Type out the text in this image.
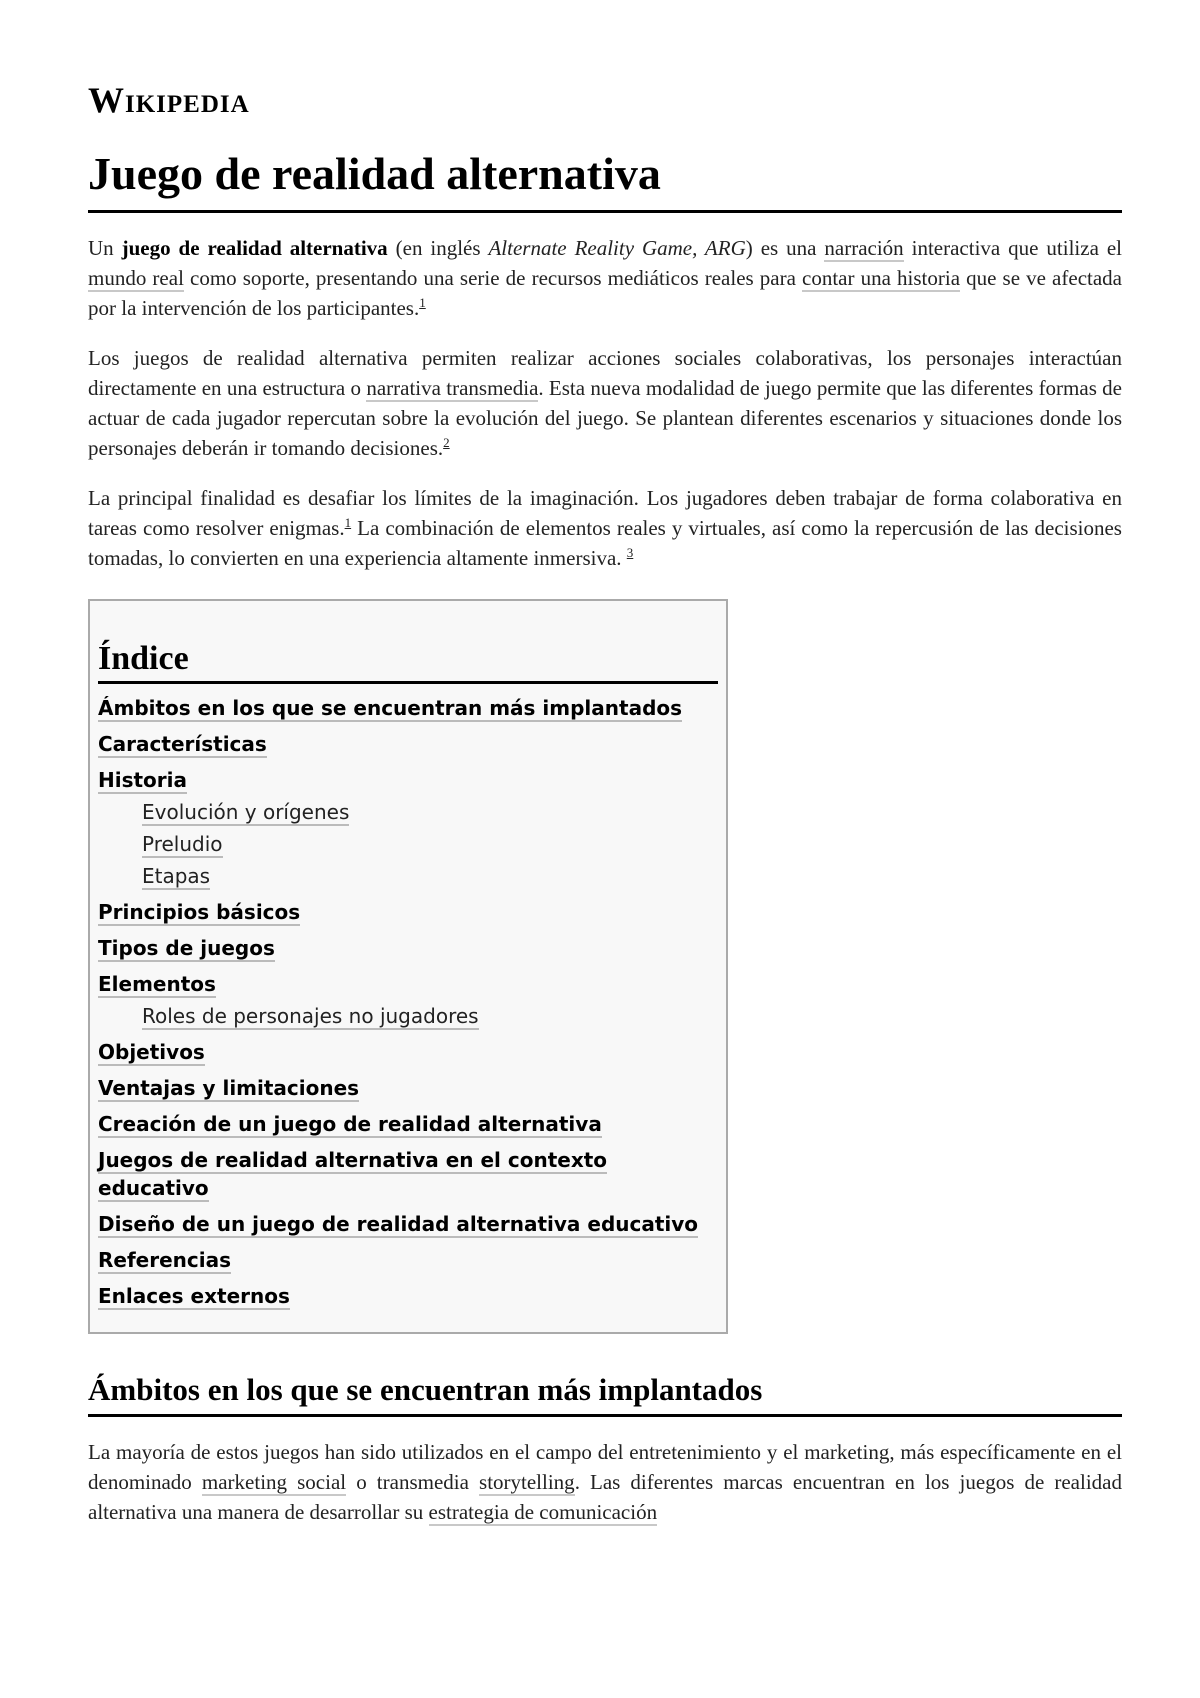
Wikipedia
Juego de realidad alternativa

Un juego de realidad alternativa (en inglés Alternate Reality Game, ARG) es una narración interactiva que utiliza el mundo real como soporte, presentando una serie de recursos mediáticos reales para contar una historia que se ve afectada por la intervención de los participantes.$^1$

Los juegos de realidad alternativa permiten realizar acciones sociales colaborativas, los personajes interactúan directamente en una estructura o narrativa transmedia. Esta nueva modalidad de juego permite que las diferentes formas de actuar de cada jugador repercutan sobre la evolución del juego. Se plantean diferentes escenarios y situaciones donde los personajes deberán ir tomando decisiones.$^2$

La principal finalidad es desafiar los límites de la imaginación. Los jugadores deben trabajar de forma colaborativa en tareas como resolver enigmas.$^1$ La combinación de elementos reales y virtuales, así como la repercusión de las decisiones tomadas, lo convierten en una experiencia altamente inmersiva. $^3$

Índice
Ámbitos en los que se encuentran más implantados
Características
Historia
Evolución y orígenes
Preludio
Etapas
Principios básicos
Tipos de juegos
Elementos
Roles de personajes no jugadores
Objetivos
Ventajas y limitaciones
Creación de un juego de realidad alternativa
Juegos de realidad alternativa en el contexto educativo
Diseño de un juego de realidad alternativa educativo
Referencias
Enlaces externos
Ámbitos en los que se encuentran más implantados

La mayoría de estos juegos han sido utilizados en el campo del entretenimiento y el marketing, más específicamente en el denominado marketing social o transmedia storytelling. Las diferentes marcas encuentran en los juegos de realidad alternativa una manera de desarrollar su estrategia de comunicación
